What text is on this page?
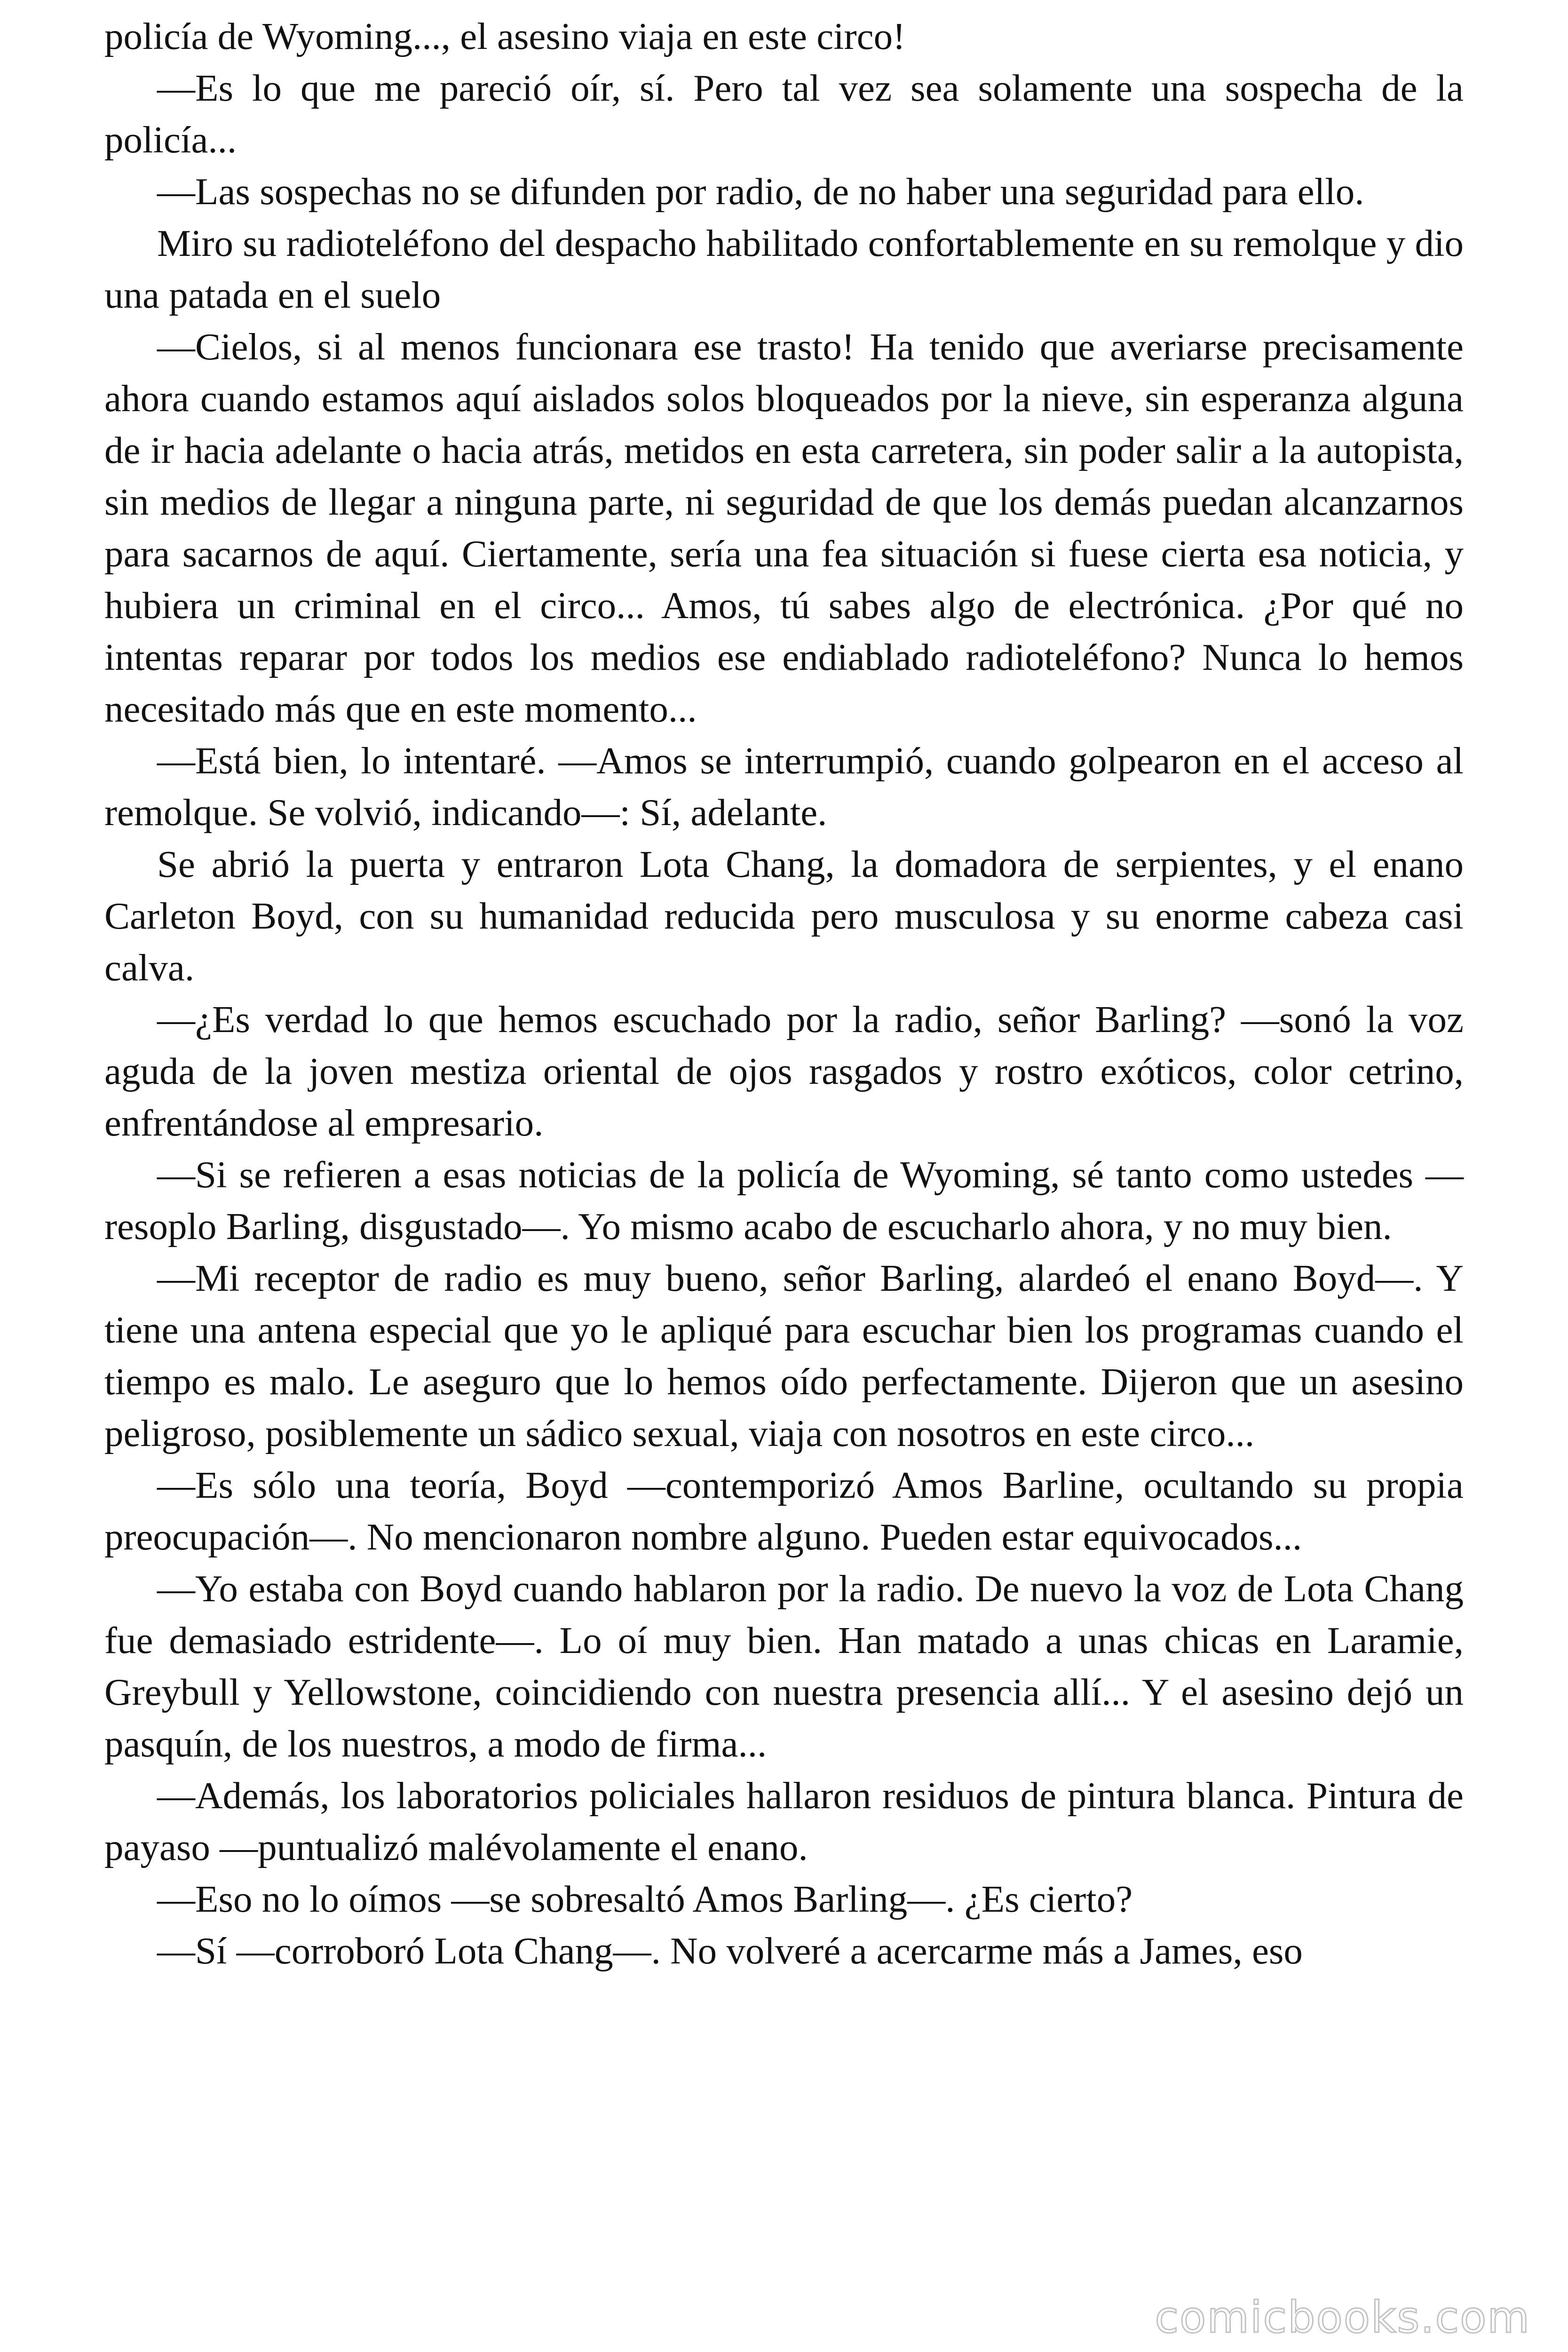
policía de Wyoming..., el asesino viaja en este circo!

—Es lo que me pareció oír, sí. Pero tal vez sea solamente una sospecha de la policía...

—Las sospechas no se difunden por radio, de no haber una seguridad para ello.

Miro su radioteléfono del despacho habilitado confortablemente en su remolque y dio una patada en el suelo

—Cielos, si al menos funcionara ese trasto! Ha tenido que averiarse precisamente ahora cuando estamos aquí aislados solos bloqueados por la nieve, sin esperanza alguna de ir hacia adelante o hacia atrás, metidos en esta carretera, sin poder salir a la autopista, sin medios de llegar a ninguna parte, ni seguridad de que los demás puedan alcanzarnos para sacarnos de aquí. Ciertamente, sería una fea situación si fuese cierta esa noticia, y hubiera un criminal en el circo... Amos, tú sabes algo de electrónica. ¿Por qué no intentas reparar por todos los medios ese endiablado radioteléfono? Nunca lo hemos necesitado más que en este momento...

—Está bien, lo intentaré. —Amos se interrumpió, cuando golpearon en el acceso al remolque. Se volvió, indicando—: Sí, adelante.

Se abrió la puerta y entraron Lota Chang, la domadora de serpientes, y el enano Carleton Boyd, con su humanidad reducida pero musculosa y su enorme cabeza casi calva.

—¿Es verdad lo que hemos escuchado por la radio, señor Barling? —sonó la voz aguda de la joven mestiza oriental de ojos rasgados y rostro exóticos, color cetrino, enfrentándose al empresario.

—Si se refieren a esas noticias de la policía de Wyoming, sé tanto como ustedes —resoplo Barling, disgustado—. Yo mismo acabo de escucharlo ahora, y no muy bien.

—Mi receptor de radio es muy bueno, señor Barling, alardeó el enano Boyd—. Y tiene una antena especial que yo le apliqué para escuchar bien los programas cuando el tiempo es malo. Le aseguro que lo hemos oído perfectamente. Dijeron que un asesino peligroso, posiblemente un sádico sexual, viaja con nosotros en este circo...

—Es sólo una teoría, Boyd —contemporizó Amos Barline, ocultando su propia preocupación—. No mencionaron nombre alguno. Pueden estar equivocados...

—Yo estaba con Boyd cuando hablaron por la radio. De nuevo la voz de Lota Chang fue demasiado estridente—. Lo oí muy bien. Han matado a unas chicas en Laramie, Greybull y Yellowstone, coincidiendo con nuestra presencia allí... Y el asesino dejó un pasquín, de los nuestros, a modo de firma...

—Además, los laboratorios policiales hallaron residuos de pintura blanca. Pintura de payaso —puntualizó malévolamente el enano.

—Eso no lo oímos —se sobresaltó Amos Barling—. ¿Es cierto?

—Sí —corroboró Lota Chang—. No volveré a acercarme más a James, eso

comicbooks.com
